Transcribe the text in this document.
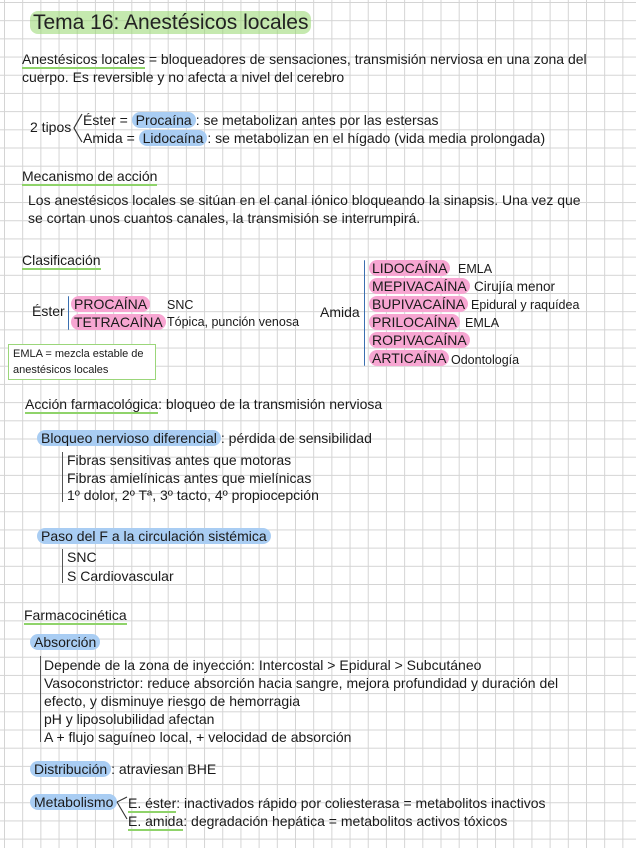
Tema 16: Anestésicos locales
Anestésicos locales = bloqueadores de sensaciones, transmisión nerviosa en una zona del
cuerpo. Es reversible y no afecta a nivel del cerebro
2 tipos Éster = Procaína : se metabolizan antes por las estersas
Amida = Lidocaína : se metabolizan en el hígado (vida media prolongada)
Mecanismo de acción
Los anestésicos locales se sitúan en el canal iónico bloqueando la sinapsis. Una vez que
se cortan unos cuantos canales, la transmisión se interrumpirá.
Clasificación
Éster PROCAÍNA SNC
TETRACAÍNA Tópica, punción venosa
Amida
LIDOCAÍNA EMLA
MEPIVACAÍNA Cirujía menor
BUPIVACAÍNA Epidural y raquídea
PRILOCAÍNA EMLA
ROPIVACAÍNA
ARTICAÍNA Odontología
EMLA = mezcla estable de
anestésicos locales
Acción farmacológica: bloqueo de la transmisión nerviosa
Bloqueo nervioso diferencial : pérdida de sensibilidad
Fibras sensitivas antes que motoras
Fibras amielínicas antes que mielínicas
1º dolor, 2º Tª, 3º tacto, 4º propiocepción
Paso del F a la circulación sistémica
SNC
S Cardiovascular
Farmacocinética
Absorción
Depende de la zona de inyección: Intercostal > Epidural > Subcutáneo
Vasoconstrictor: reduce absorción hacia sangre, mejora profundidad y duración del
efecto, y disminuye riesgo de hemorragia
pH y liposolubilidad afectan
A + flujo saguíneo local, + velocidad de absorción
Distribución : atraviesan BHE
Metabolismo E. éster: inactivados rápido por coliesterasa = metabolitos inactivos
E. amida: degradación hepática = metabolitos activos tóxicos
